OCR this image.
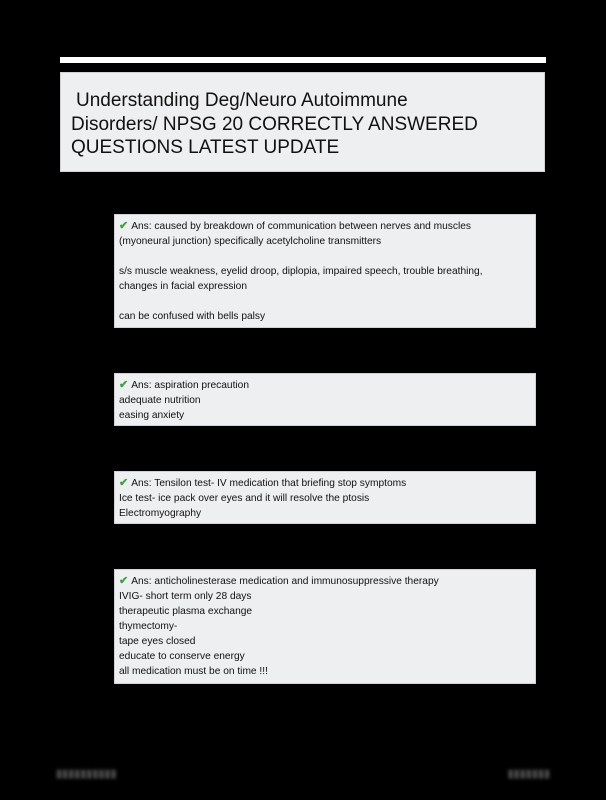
Understanding Deg/Neuro Autoimmune
Disorders/ NPSG 20 CORRECTLY ANSWERED
QUESTIONS LATEST UPDATE
✔ Ans: caused by breakdown of communication between nerves and muscles
(myoneural junction) specifically acetylcholine transmitters
s/s muscle weakness, eyelid droop, diplopia, impaired speech, trouble breathing,
changes in facial expression
can be confused with bells palsy
✔ Ans: aspiration precaution
adequate nutrition
easing anxiety
✔ Ans: Tensilon test- IV medication that briefing stop symptoms
Ice test- ice pack over eyes and it will resolve the ptosis
Electromyography
✔ Ans: anticholinesterase medication and immunosuppressive therapy
IVIG- short term only 28 days
therapeutic plasma exchange
thymectomy-
tape eyes closed
educate to conserve energy
all medication must be on time !!!
▮▮▮▮▮▮▮▮▮▮	▮▮▮▮▮▮▮
